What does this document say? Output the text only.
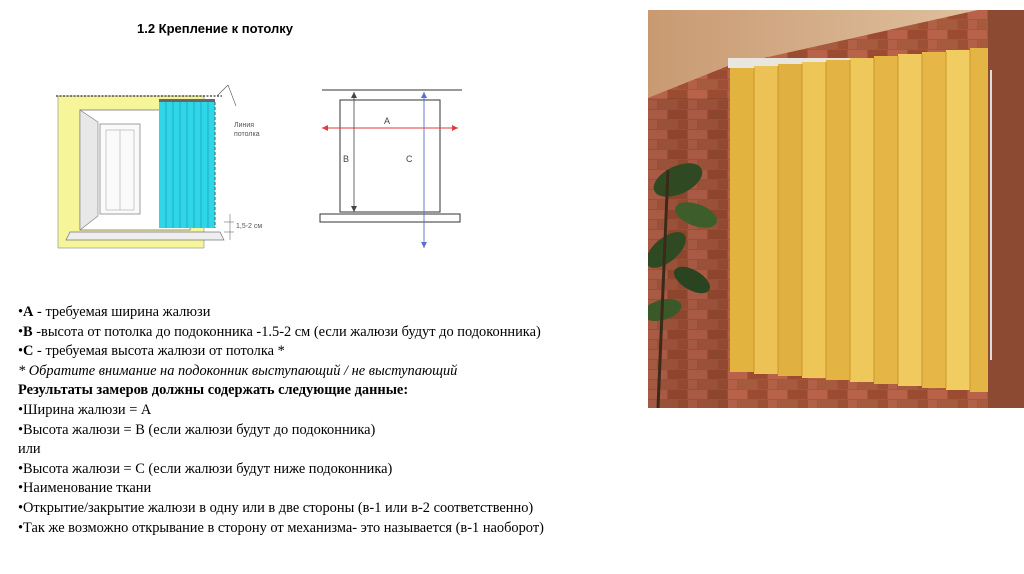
1.2 Крепление к потолку
Линия
потолка
1,5-2 см
A
B	C
•А - требуемая ширина жалюзи
•В -высота от потолка до подоконника -1.5-2 см (если жалюзи будут до подоконника)
•С - требуемая высота жалюзи от потолка *
* Обратите внимание на подоконник выступающий / не выступающий
Результаты замеров должны содержать следующие данные:
•Ширина жалюзи = А
•Высота жалюзи = В (если жалюзи будут до подоконника)
или
•Высота жалюзи = С (если жалюзи будут ниже подоконника)
•Наименование ткани
•Открытие/закрытие жалюзи в одну или в две стороны (в-1 или в-2 соответственно)
•Так же возможно открывание в сторону от механизма- это называется (в-1 наоборот)
